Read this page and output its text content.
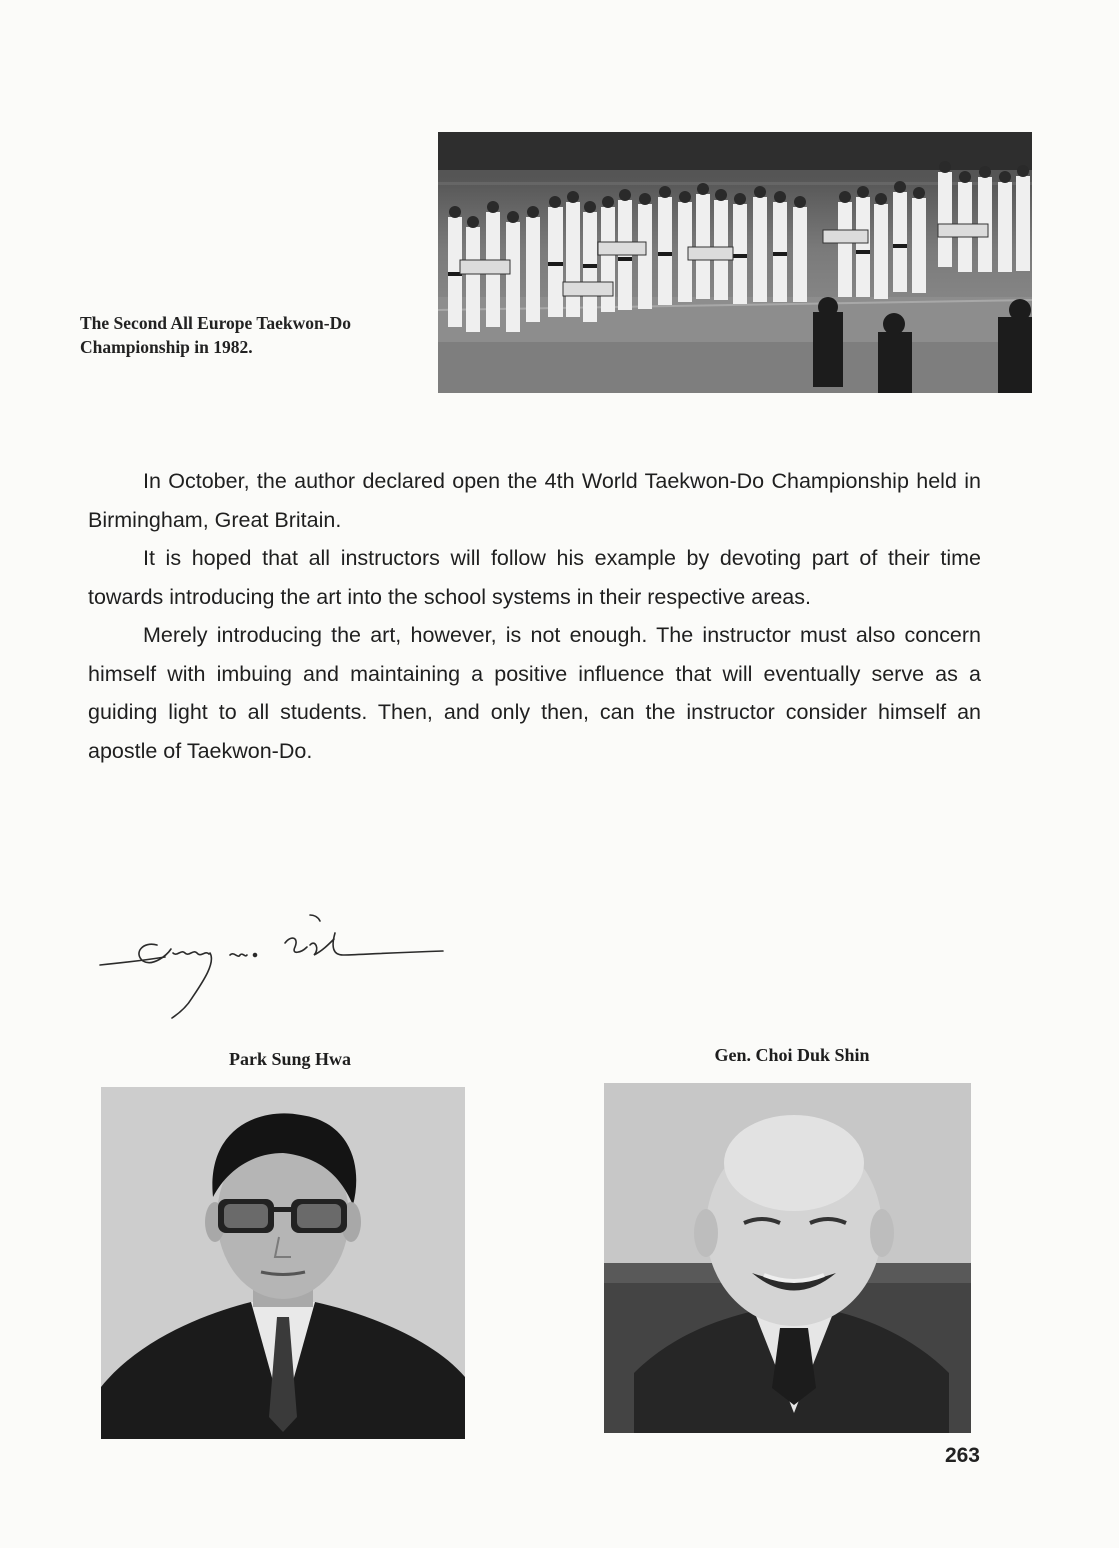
The Second All Europe Taekwon-Do
Championship in 1982.

In October, the author declared open the 4th World Taekwon-Do Championship held in Birmingham, Great Britain.

It is hoped that all instructors will follow his example by devoting part of their time towards introducing the art into the school systems in their respective areas.

Merely introducing the art, however, is not enough. The instructor must also concern himself with imbuing and maintaining a positive influence that will eventually serve as a guiding light to all students. Then, and only then, can the instructor consider himself an apostle of Taekwon-Do.

Park Sung Hwa	Gen. Choi Duk Shin
263
